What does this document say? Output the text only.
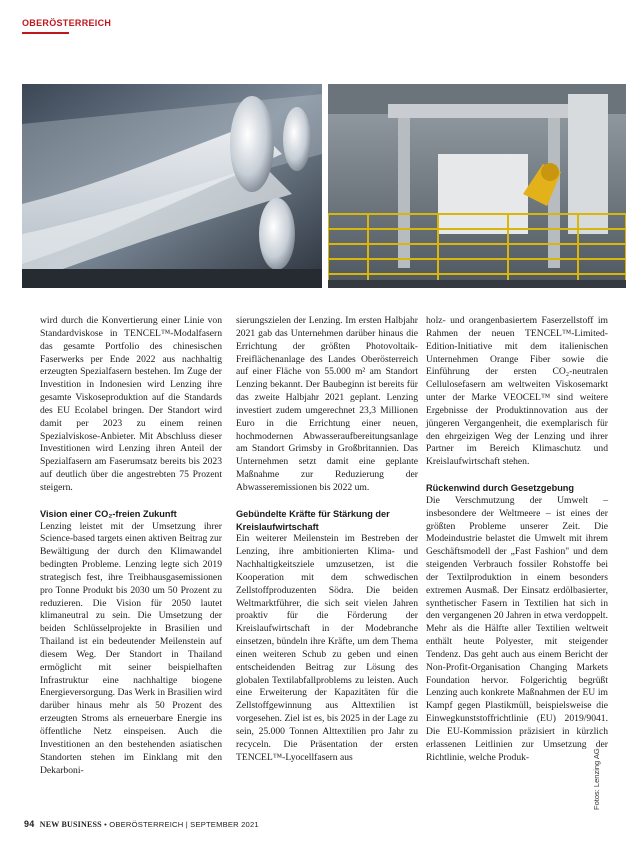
OBERÖSTERREICH

wird durch die Konvertierung einer Linie von Standardviskose in TENCEL™-Modalfasern das gesamte Portfolio des chinesischen Faserwerks per Ende 2022 aus nachhaltig erzeugten Spezialfasern bestehen. Im Zuge der Investition in Indonesien wird Lenzing ihre gesamte Viskoseproduktion auf die Standards des EU Ecolabel bringen. Der Standort wird damit per 2023 zu einem reinen Spezialviskose-Anbieter. Mit Abschluss dieser Investitionen wird Lenzing ihren Anteil der Spezialfasern am Faserumsatz bereits bis 2023 auf deutlich über die angestrebten 75 Prozent steigern.

Vision einer CO₂-freien Zukunft

Lenzing leistet mit der Umsetzung ihrer Science-based targets einen aktiven Beitrag zur Bewältigung der durch den Klimawandel bedingten Probleme. Lenzing legte sich 2019 strategisch fest, ihre Treibhausgasemissionen pro Tonne Produkt bis 2030 um 50 Prozent zu reduzieren. Die Vision für 2050 lautet klimaneutral zu sein. Die Umsetzung der beiden Schlüsselprojekte in Brasilien und Thailand ist ein bedeutender Meilenstein auf diesem Weg. Der Standort in Thailand ermöglicht mit seiner beispielhaften Infrastruktur eine nachhaltige biogene Energieversorgung. Das Werk in Brasilien wird darüber hinaus mehr als 50 Prozent des erzeugten Stroms als erneuerbare Energie ins öffentliche Netz einspeisen. Auch die Investitionen an den bestehenden asiatischen Standorten stehen im Einklang mit den Dekarboni-

sierungszielen der Lenzing. Im ersten Halbjahr 2021 gab das Unternehmen darüber hinaus die Errichtung der größten Photovoltaik-Freiflächenanlage des Landes Oberösterreich auf einer Fläche von 55.000 m² am Standort Lenzing bekannt. Der Baubeginn ist bereits für das zweite Halbjahr 2021 geplant. Lenzing investiert zudem umgerechnet 23,3 Millionen Euro in die Errichtung einer neuen, hochmodernen Abwasseraufbereitungsanlage am Standort Grimsby in Großbritannien. Das Unternehmen setzt damit eine geplante Maßnahme zur Reduzierung der Abwasseremissionen bis 2022 um.

Gebündelte Kräfte für Stärkung der Kreislaufwirtschaft

Ein weiterer Meilenstein im Bestreben der Lenzing, ihre ambitionierten Klima- und Nachhaltigkeitsziele umzusetzen, ist die Kooperation mit dem schwedischen Zellstoffproduzenten Södra. Die beiden Weltmarktführer, die sich seit vielen Jahren proaktiv für die Förderung der Kreislaufwirtschaft in der Modebranche einsetzen, bündeln ihre Kräfte, um dem Thema einen weiteren Schub zu geben und einen entscheidenden Beitrag zur Lösung des globalen Textilabfallproblems zu leisten. Auch eine Erweiterung der Kapazitäten für die Zellstoffgewinnung aus Alttextilien ist vorgesehen. Ziel ist es, bis 2025 in der Lage zu sein, 25.000 Tonnen Alttextilien pro Jahr zu recyceln. Die Präsentation der ersten TENCEL™-Lyocellfasern aus

holz- und orangenbasiertem Faserzellstoff im Rahmen der neuen TENCEL™-Limited-Edition-Initiative mit dem italienischen Unternehmen Orange Fiber sowie die Einführung der ersten CO₂-neutralen Cellulosefasern am weltweiten Viskosemarkt unter der Marke VEOCEL™ sind weitere Ergebnisse der Produktinnovation aus der jüngeren Vergangenheit, die exemplarisch für den ehrgeizigen Weg der Lenzing und ihrer Partner im Bereich Klimaschutz und Kreislaufwirtschaft stehen.

Rückenwind durch Gesetzgebung

Die Verschmutzung der Umwelt – insbesondere der Weltmeere – ist eines der größten Probleme unserer Zeit. Die Modeindustrie belastet die Umwelt mit ihrem Geschäftsmodell der „Fast Fashion" und dem steigenden Verbrauch fossiler Rohstoffe bei der Textilproduktion in einem besonders extremen Ausmaß. Der Einsatz erdölbasierter, synthetischer Fasern in Textilien hat sich in den vergangenen 20 Jahren in etwa verdoppelt. Mehr als die Hälfte aller Textilien weltweit enthält heute Polyester, mit steigender Tendenz. Das geht auch aus einem Bericht der Non-Profit-Organisation Changing Markets Foundation hervor. Folgerichtig begrüßt Lenzing auch konkrete Maßnahmen der EU im Kampf gegen Plastikmüll, beispielsweise die Einwegkunststoffrichtlinie (EU) 2019/9041. Die EU-Kommission präzisiert in kürzlich erlassenen Leitlinien zur Umsetzung der Richtlinie, welche Produk-	Fotos: Lenzing AG
94 NEW BUSINESS • OBERÖSTERREICH | SEPTEMBER 2021
